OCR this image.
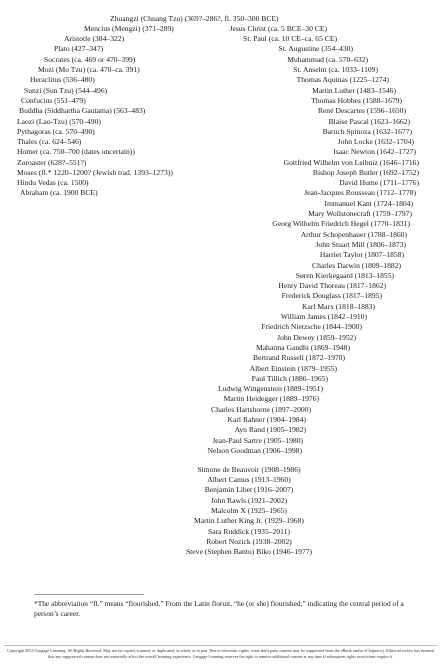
Zhuangzi (Chuang Tzu) (369?–286?, fl. 350–300 BCE)
Mencius (Mengzi) (371–289)
Aristotle (384–322)
Plato (427–347)
Socrates (ca. 469 or 470–399)
Mozi (Mo Tzu) (ca. 470–ca. 391)
Heraclitus (536–480)
Sunzi (Sun Tzu) (544–496)
Confucius (551–479)
Buddha (Siddhartha Gautama) (563–483)
Laozi (Lao-Tzu) (570–490)
Pythagoras (ca. 570–490)
Thales (ca. 624–546)
Homer (ca. 750–700 (dates uncertain))
Zoroaster (628?–551?)
Moses (fl.* 1220–1200? (Jewish trad. 1393–1273))
Hindu Vedas (ca. 1500)
Abraham (ca. 1900 BCE)
Jesus Christ (ca. 5 BCE–30 CE)
St. Paul (ca. 10 CE–ca. 65 CE)
St. Augustine (354–430)
Muhammad (ca. 570–632)
St. Anselm (ca. 1033–1109)
Thomas Aquinas (1225–1274)
Martin Luther (1483–1546)
Thomas Hobbes (1588–1679)
René Descartes (1596–1650)
Blaise Pascal (1623–1662)
Baruch Spinoza (1632–1677)
John Locke (1632–1704)
Isaac Newton (1642–1727)
Gottfried Wilhelm von Leibniz (1646–1716)
Bishop Joseph Butler (1692–1752)
David Hume (1711–1776)
Jean-Jacques Rousseau (1712–1778)
Immanuel Kant (1724–1804)
Mary Wollstonecraft (1759–1797)
Georg Wilhelm Friedrich Hegel (1770–1831)
Arthur Schopenhauer (1788–1860)
John Stuart Mill (1806–1873)
Harriet Taylor (1807–1858)
Charles Darwin (1809–1882)
Søren Kierkegaard (1813–1855)
Henry David Thoreau (1817–1862)
Frederick Douglass (1817–1895)
Karl Marx (1818–1883)
William James (1842–1910)
Friedrich Nietzsche (1844–1900)
John Dewey (1859–1952)
Mahatma Gandhi (1869–1948)
Bertrand Russell (1872–1970)
Albert Einstein (1879–1955)
Paul Tillich (1886–1965)
Ludwig Wittgenstein (1889–1951)
Martin Heidegger (1889–1976)
Charles Hartshorne (1897–2000)
Karl Rahner (1904–1984)
Ayn Rand (1905–1982)
Jean-Paul Sartre (1905–1980)
Nelson Goodman (1906–1998)
Simone de Beauvoir (1908–1986)
Albert Camus (1913–1960)
Benjamin Libet (1916–2007)
John Rawls (1921–2002)
Malcolm X (1925–1965)
Martin Luther King Jr. (1929–1968)
Sara Ruddick (1935–2011)
Robert Nozick (1938–2002)
Steve (Stephen Bantu) Biko (1946–1977)
*The abbreviation “fl.” means “flourished.” From the Latin floruit, “he (or she) flourished,” indicating the central period of a person’s career.
Copyright 2013 Cengage Learning. All Rights Reserved. May not be copied, scanned, or duplicated, in whole or in part. Due to electronic rights, some third party content may be suppressed from the eBook and/or eChapter(s). Editorial review has deemed that any suppressed content does not materially affect the overall learning experience. Cengage Learning reserves the right to remove additional content at any time if subsequent rights restrictions require it.
